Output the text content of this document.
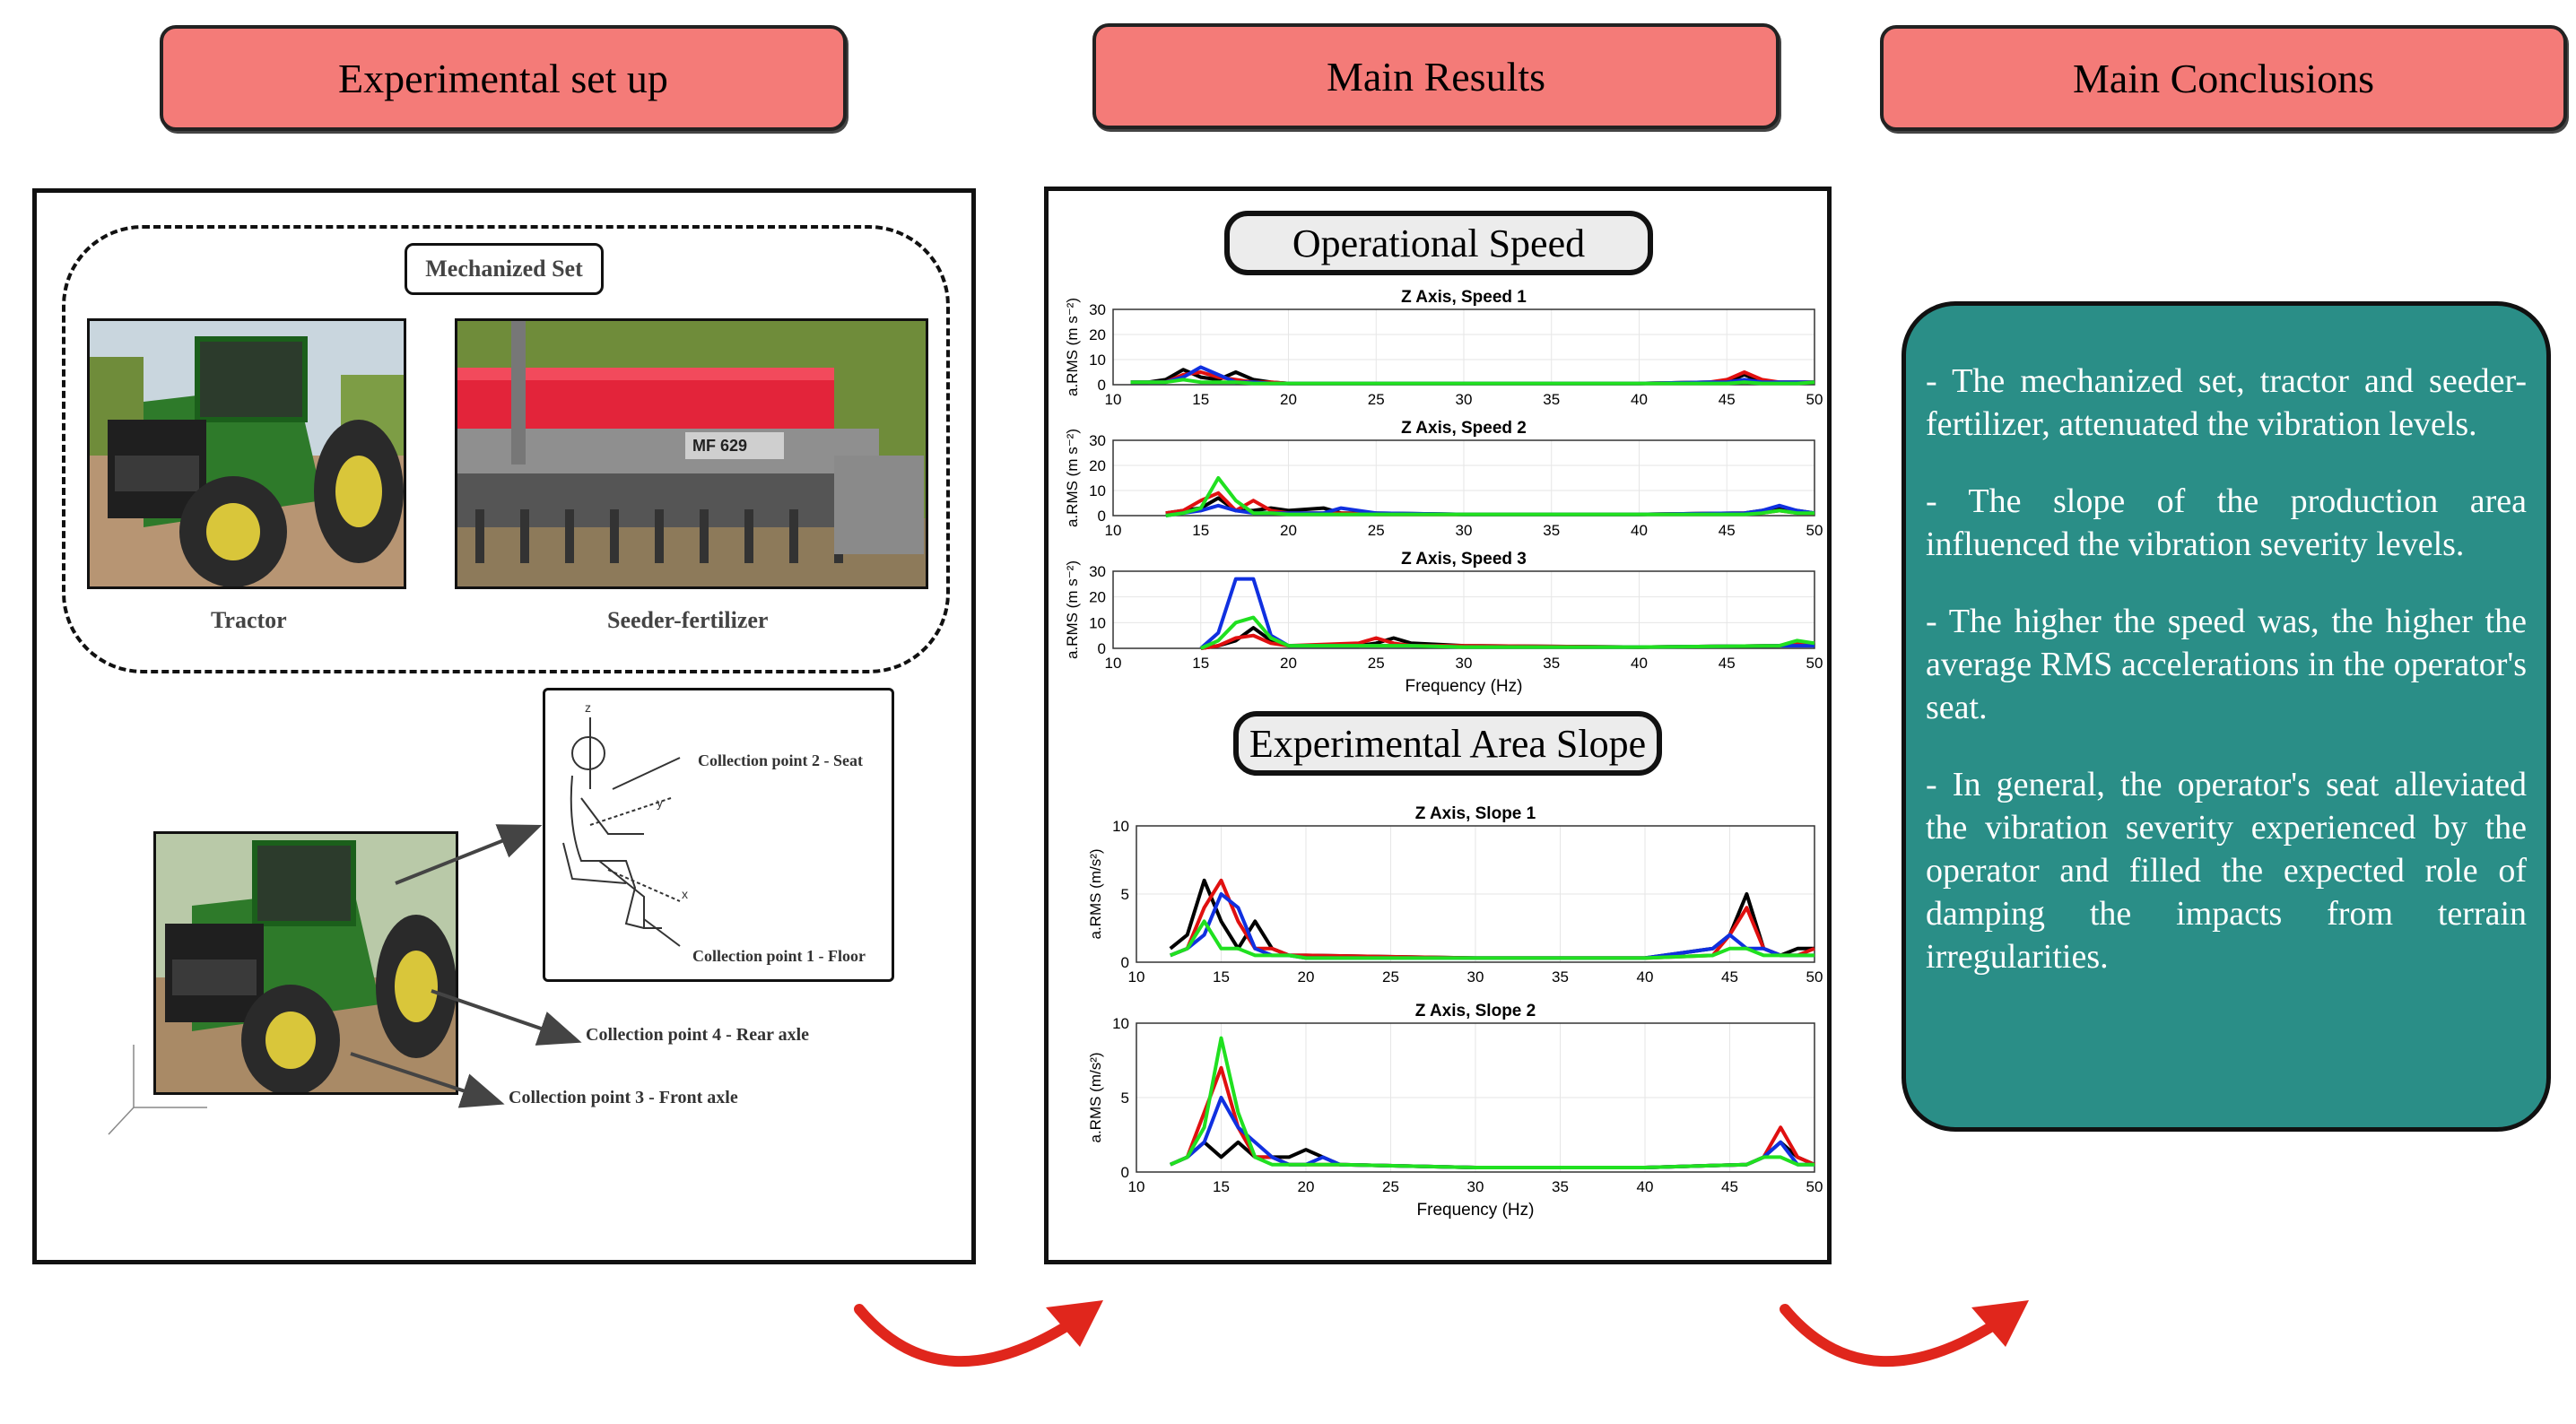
Experimental set up	Main Results	Main Conclusions
Mechanized Set
Tractor
MF 629
Seeder-fertilizer
z
y
x
Collection point 2 - Seat
Collection point 1 - Floor
Collection point 4 - Rear axle
Collection point 3 - Front axle
Operational Speed
Experimental Area Slope
Z Axis, Speed 1
10	15	20	25	30	35	40	45	50
0
10
20
30
a.RMS (m s⁻²)
Z Axis, Speed 2
10	15	20	25	30	35	40	45	50
0
10
20
30
a.RMS (m s⁻²)
Z Axis, Speed 3
10	15	20	25	30	35	40	45	50
0
10
20
30
a.RMS (m s⁻²)
Frequency (Hz)
Z Axis, Slope 1
10	15	20	25	30	35	40	45	50
0
5
10
a.RMS (m/s²)
Z Axis, Slope 2
10	15	20	25	30	35	40	45	50
0
5
10
a.RMS (m/s²)
Frequency (Hz)

- The mechanized set, tractor and seeder-fertilizer, attenuated the vibration levels.

- The slope of the production area influenced the vibration severity levels.

- The higher the speed was, the higher the average RMS accelerations in the operator's seat.

- In general, the operator's seat alleviated the vibration severity experienced by the operator and filled the expected role of damping the impacts from terrain irregularities.
